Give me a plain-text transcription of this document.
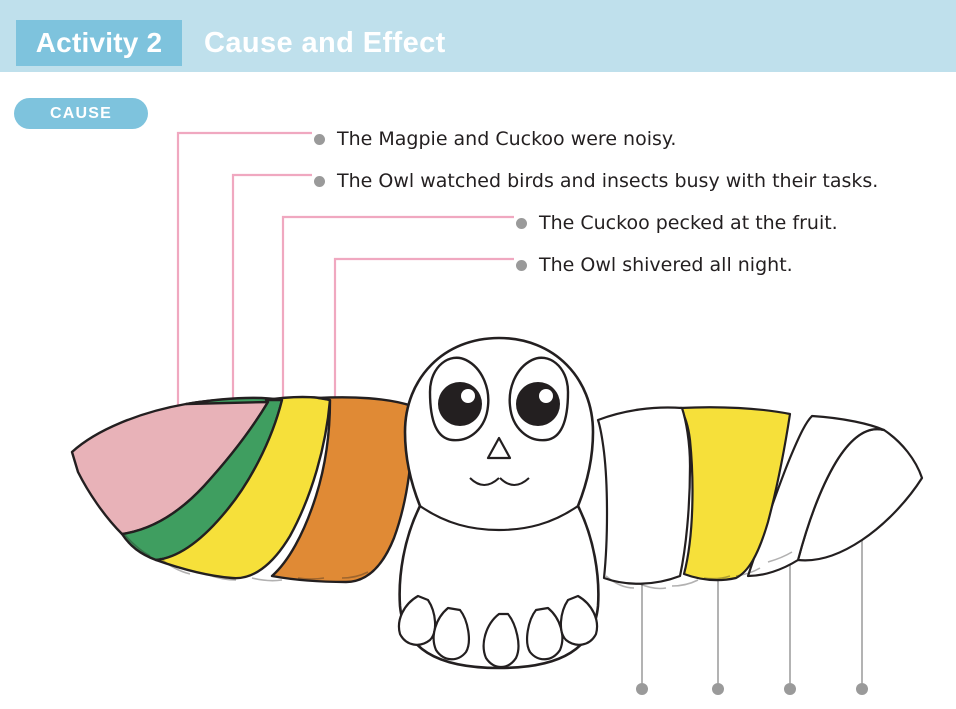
Activity 2 Cause and Effect
CAUSE
The Magpie and Cuckoo were noisy.
The Owl watched birds and insects busy with their tasks.
The Cuckoo pecked at the fruit.
The Owl shivered all night.
